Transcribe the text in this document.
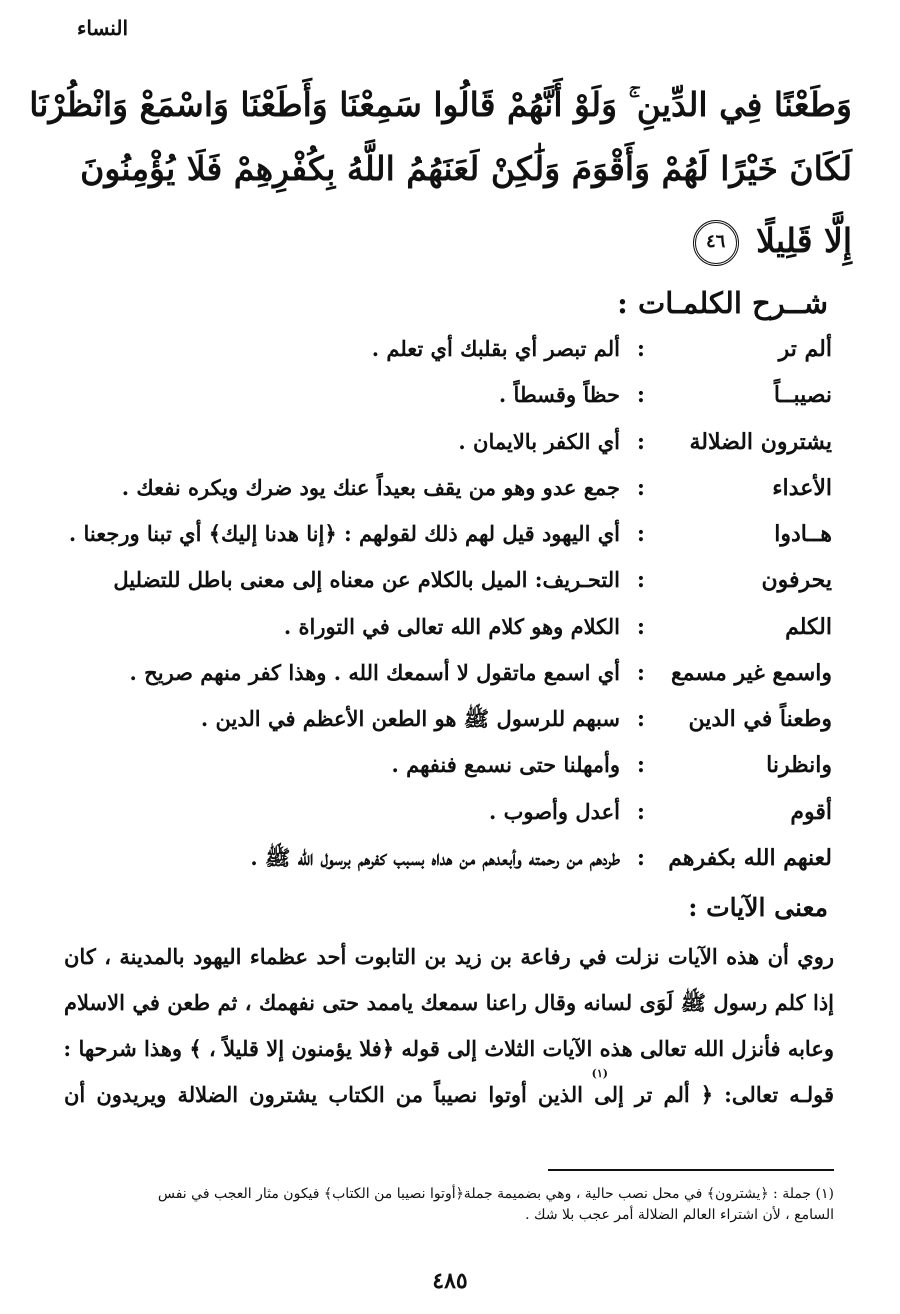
النساء
وَطَعْنًا فِي الدِّينِ ۚ وَلَوْ أَنَّهُمْ قَالُوا سَمِعْنَا وَأَطَعْنَا وَاسْمَعْ وَانْظُرْنَا
لَكَانَ خَيْرًا لَهُمْ وَأَقْوَمَ وَلَٰكِنْ لَعَنَهُمُ اللَّهُ بِكُفْرِهِمْ فَلَا يُؤْمِنُونَ
إِلَّا قَلِيلًا ٤٦
شــرح الكلمـات :
ألم تر
:
ألم تبصر أي بقلبك أي تعلم .
نصيبــاً
:
حظاً وقسطاً .
يشترون الضلالة
:
أي الكفر بالايمان .
الأعداء
:
جمع عدو وهو من يقف بعيداً عنك يود ضرك ويكره نفعك .
هــادوا
:
أي اليهود قيل لهم ذلك لقولهم : ﴿إنا هدنا إليك﴾ أي تبنا ورجعنا .
يحرفون
:
التحـريف: الميل بالكلام عن معناه إلى معنى باطل للتضليل
الكلم
:
الكلام وهو كلام الله تعالى في التوراة .
واسمع غير مسمع
:
أي اسمع ماتقول لا أسمعك الله . وهذا كفر منهم صريح .
وطعناً في الدين
:
سبهم للرسول ﷺ هو الطعن الأعظم في الدين .
وانظرنا
:
وأمهلنا حتى نسمع فنفهم .
أقوم
:
أعدل وأصوب .
لعنهم الله بكفرهم
:
طردهم من رحمته وأبعدهم من هداه بسبب كفرهم برسول الله ﷺ .
معنى الآيات :
روي أن هذه الآيات نزلت في رفاعة بن زيد بن التابوت أحد عظماء اليهود بالمدينة ، كان
إذا كلم رسول ﷺ لَوَى لسانه وقال راعنا سمعك ياممد حتى نفهمك ، ثم طعن في الاسلام
وعابه فأنزل الله تعالى هذه الآيات الثلاث إلى قوله ﴿فلا يؤمنون إلا قليلاً ، ﴾ وهذا شرحها :
قولـه تعالى: ﴿ ألم تر إلى الذين أوتوا نصيباً من الكتاب يشترون الضلالة ويريدون أن
(١)
(١) جملة : ﴿يشترون﴾ في محل نصب حالية ، وهي بضميمة جملة﴿أوتوا نصيبا من الكتاب﴾ فيكون مثار العجب في نفس
السامع ، لأن اشتراء العالم الضلالة أمر عجب بلا شك .
٤٨٥
